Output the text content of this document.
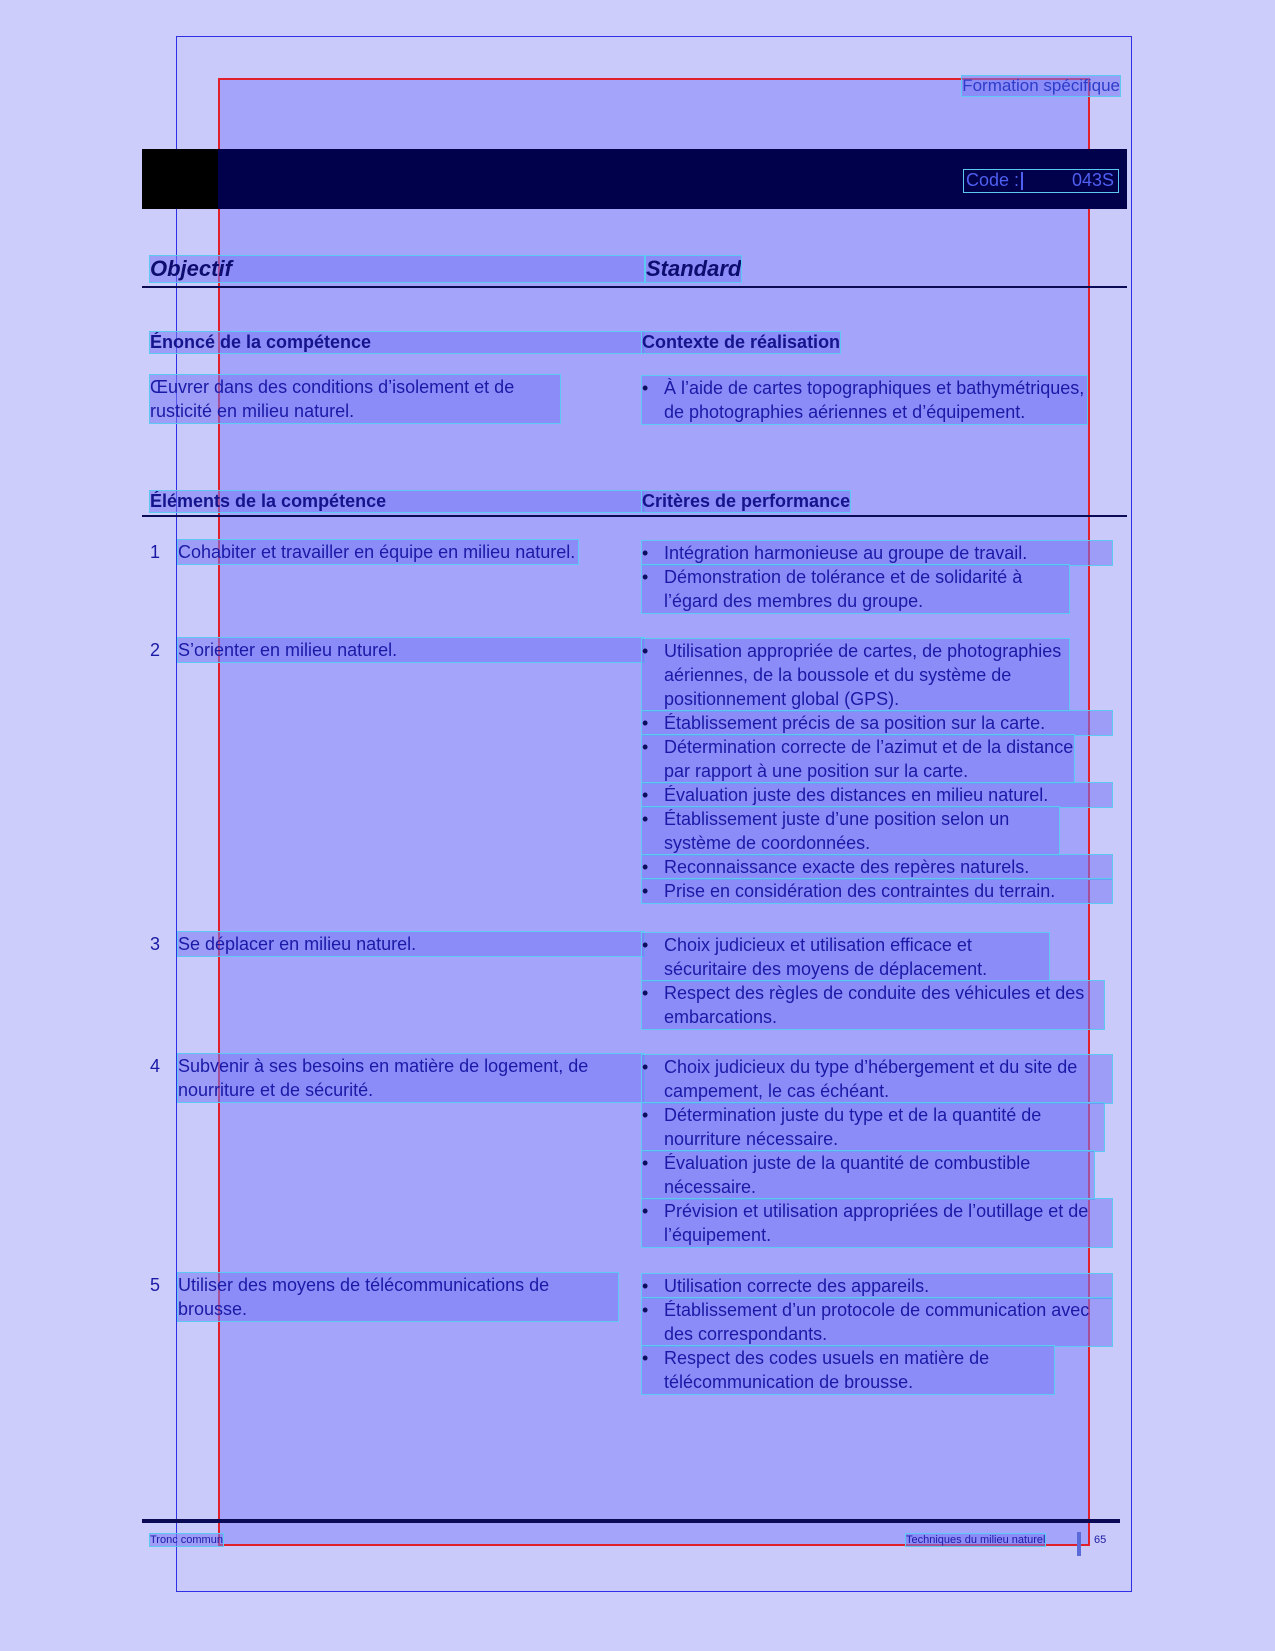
Formation spécifique
Code :	043S
Objectif	Standard
Énoncé de la compétence	Contexte de réalisation
Œuvrer dans des conditions d’isolement et de rusticité en milieu naturel.
• À l’aide de cartes topographiques et bathymétriques, de photographies aériennes et d’équipement.
Éléments de la compétence	Critères de performance
1 Cohabiter et travailler en équipe en milieu naturel.	• Intégration harmonieuse au groupe de travail.
• Démonstration de tolérance et de solidarité à l’égard des membres du groupe.
2 S’orienter en milieu naturel.	• Utilisation appropriée de cartes, de photographies aériennes, de la boussole et du système de positionnement global (GPS).
• Établissement précis de sa position sur la carte.
• Détermination correcte de l’azimut et de la distance par rapport à une position sur la carte.
• Évaluation juste des distances en milieu naturel.
• Établissement juste d’une position selon un système de coordonnées.
• Reconnaissance exacte des repères naturels.
• Prise en considération des contraintes du terrain.
3 Se déplacer en milieu naturel.	• Choix judicieux et utilisation efficace et sécuritaire des moyens de déplacement.
• Respect des règles de conduite des véhicules et des embarcations.
4 Subvenir à ses besoins en matière de logement, de nourriture et de sécurité.
• Choix judicieux du type d’hébergement et du site de campement, le cas échéant.
• Détermination juste du type et de la quantité de nourriture nécessaire.
• Évaluation juste de la quantité de combustible nécessaire.
• Prévision et utilisation appropriées de l’outillage et de l’équipement.
5 Utiliser des moyens de télécommunications de brousse.
• Utilisation correcte des appareils.
• Établissement d’un protocole de communication avec des correspondants.
• Respect des codes usuels en matière de télécommunication de brousse.
Tronc commun	Techniques du milieu naturel	65
